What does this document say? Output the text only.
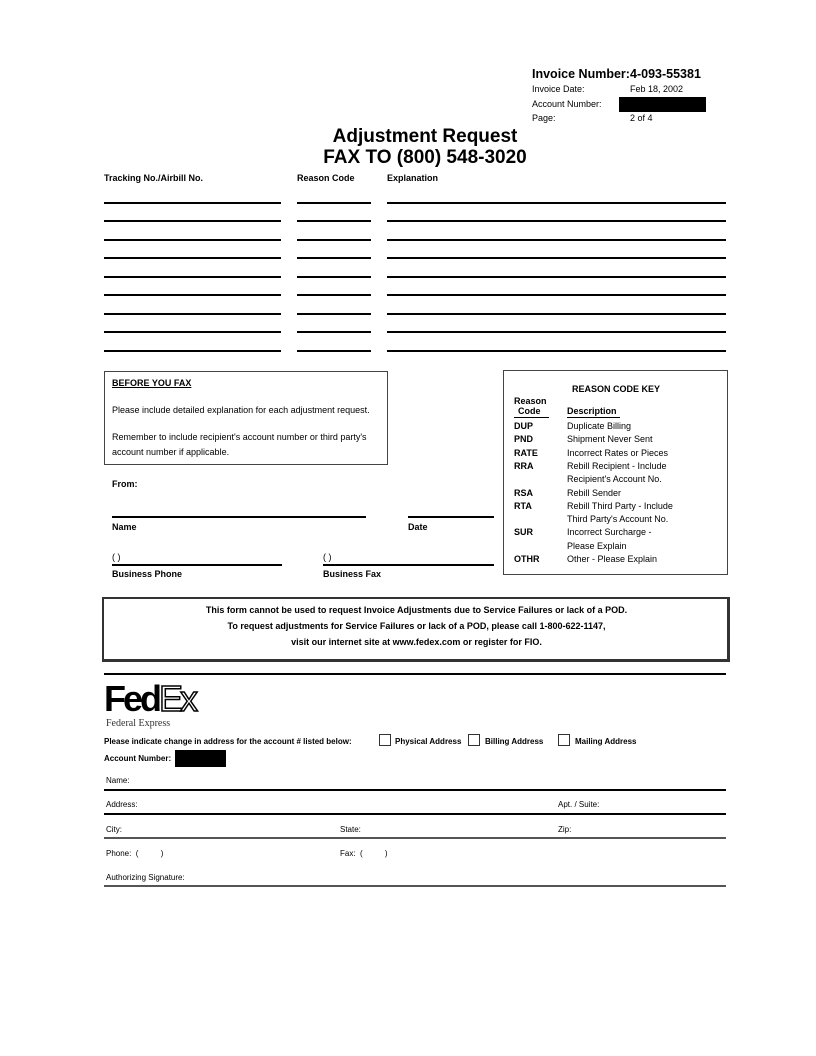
Invoice Number: 4-093-55381
Invoice Date:	Feb 18, 2002
Account Number:
Page:	2 of 4
Adjustment Request
FAX TO (800) 548-3020
Tracking No./Airbill No.	Reason Code	Explanation
BEFORE YOU FAX
Please include detailed explanation for each adjustment request.
Remember to include recipient's account number or third party's
account number if applicable.
From:
Name	Date
( )	( )
Business Phone	Business Fax
REASON CODE KEY
Reason
Code	Description
DUP	Duplicate Billing
PND	Shipment Never Sent
RATE	Incorrect Rates or Pieces
RRA	Rebill Recipient - Include
Recipient's Account No.
RSA	Rebill Sender
RTA	Rebill Third Party - Include
Third Party's Account No.
SUR	Incorrect Surcharge -
Please Explain
OTHR	Other - Please Explain
This form cannot be used to request Invoice Adjustments due to Service Failures or lack of a POD.
To request adjustments for Service Failures or lack of a POD, please call 1-800-622-1147,
visit our internet site at www.fedex.com or register for FIO.
FedEx
Federal Express
Please indicate change in address for the account # listed below:	Physical Address	Billing Address	Mailing Address
Account Number:
Name:
Address:	Apt. / Suite:
City:	State:	Zip:
Phone:  (          )	Fax:  (          )
Authorizing Signature:
